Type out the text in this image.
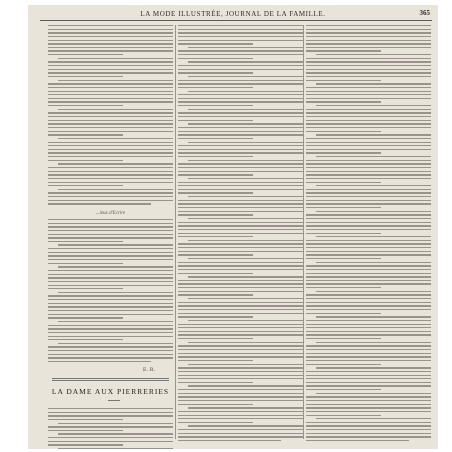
LA MODE ILLUSTRÉE, JOURNAL DE LA FAMILLE.	365
...ieux d'Ecrire
E. R.
LA DAME AUX PIERRERIES
